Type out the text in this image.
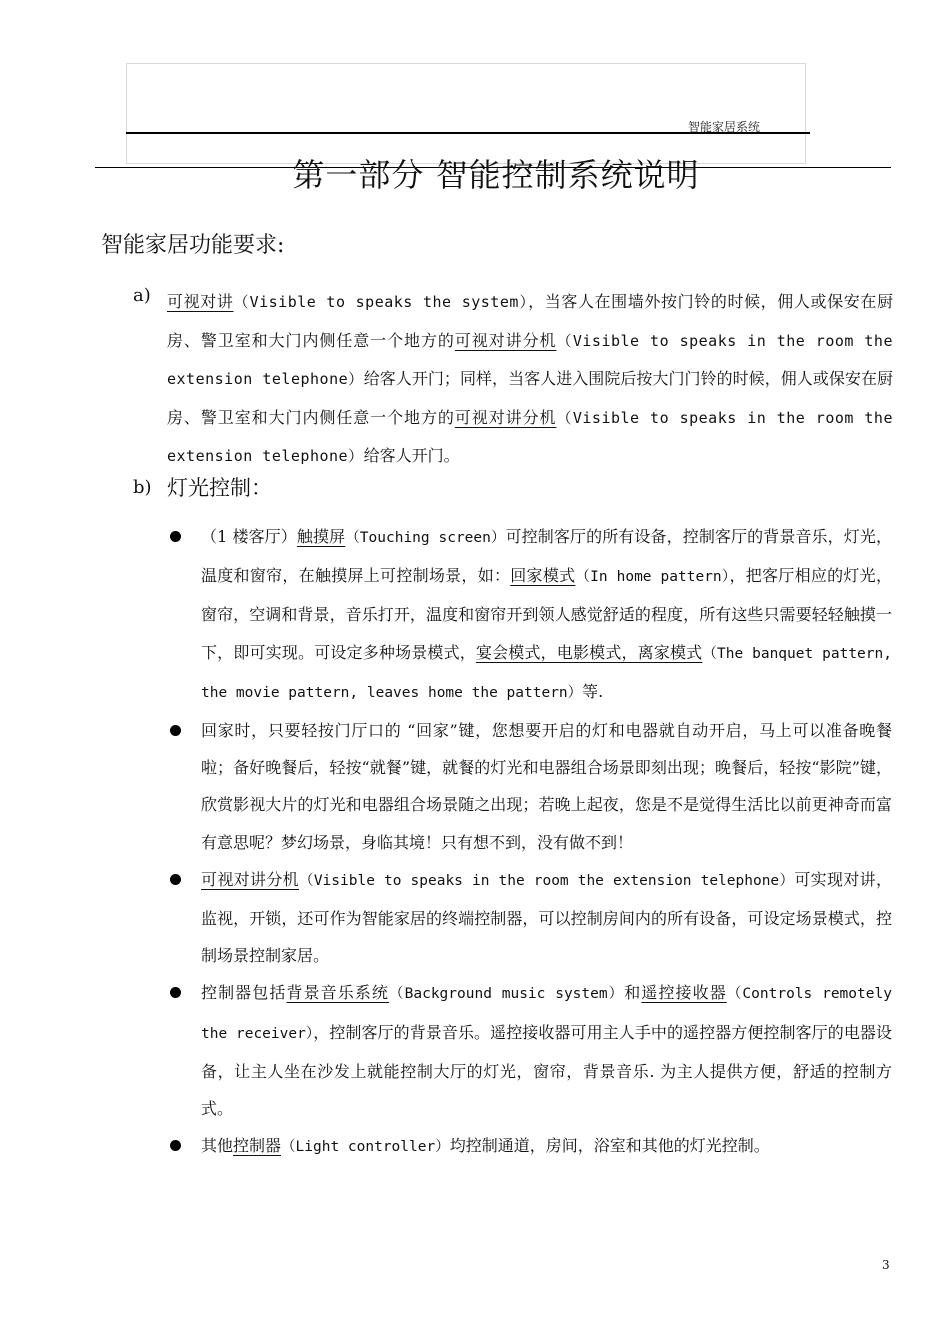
智能家居系统
第一部分 智能控制系统说明
智能家居功能要求:
a) 可视对讲（Visible to speaks the system），当客人在围墙外按门铃的时候，佣人或保安在厨房、警卫室和大门内侧任意一个地方的可视对讲分机（Visible to speaks in the room the extension telephone）给客人开门；同样，当客人进入围院后按大门门铃的时候，佣人或保安在厨房、警卫室和大门内侧任意一个地方的可视对讲分机（Visible to speaks in the room the extension telephone）给客人开门。

b) 灯光控制：
（1 楼客厅）触摸屏（Touching screen）可控制客厅的所有设备，控制客厅的背景音乐，灯光，温度和窗帘，在触摸屏上可控制场景，如：回家模式（In home pattern），把客厅相应的灯光，窗帘，空调和背景，音乐打开，温度和窗帘开到领人感觉舒适的程度，所有这些只需要轻轻触摸一下，即可实现。可设定多种场景模式，宴会模式，电影模式，离家模式（The banquet pattern, the movie pattern, leaves home the pattern）等.
回家时，只要轻按门厅口的 “回家”键，您想要开启的灯和电器就自动开启，马上可以准备晚餐啦；备好晚餐后，轻按“就餐”键，就餐的灯光和电器组合场景即刻出现；晚餐后，轻按“影院”键，欣赏影视大片的灯光和电器组合场景随之出现；若晚上起夜，您是不是觉得生活比以前更神奇而富有意思呢？梦幻场景，身临其境！只有想不到，没有做不到！
可视对讲分机（Visible to speaks in the room the extension telephone）可实现对讲，监视，开锁，还可作为智能家居的终端控制器，可以控制房间内的所有设备，可设定场景模式，控制场景控制家居。
控制器包括背景音乐系统（Background music system）和遥控接收器（Controls remotely the receiver），控制客厅的背景音乐。遥控接收器可用主人手中的遥控器方便控制客厅的电器设备，让主人坐在沙发上就能控制大厅的灯光，窗帘，背景音乐. 为主人提供方便，舒适的控制方式。
其他控制器（Light controller）均控制通道，房间，浴室和其他的灯光控制。
3
